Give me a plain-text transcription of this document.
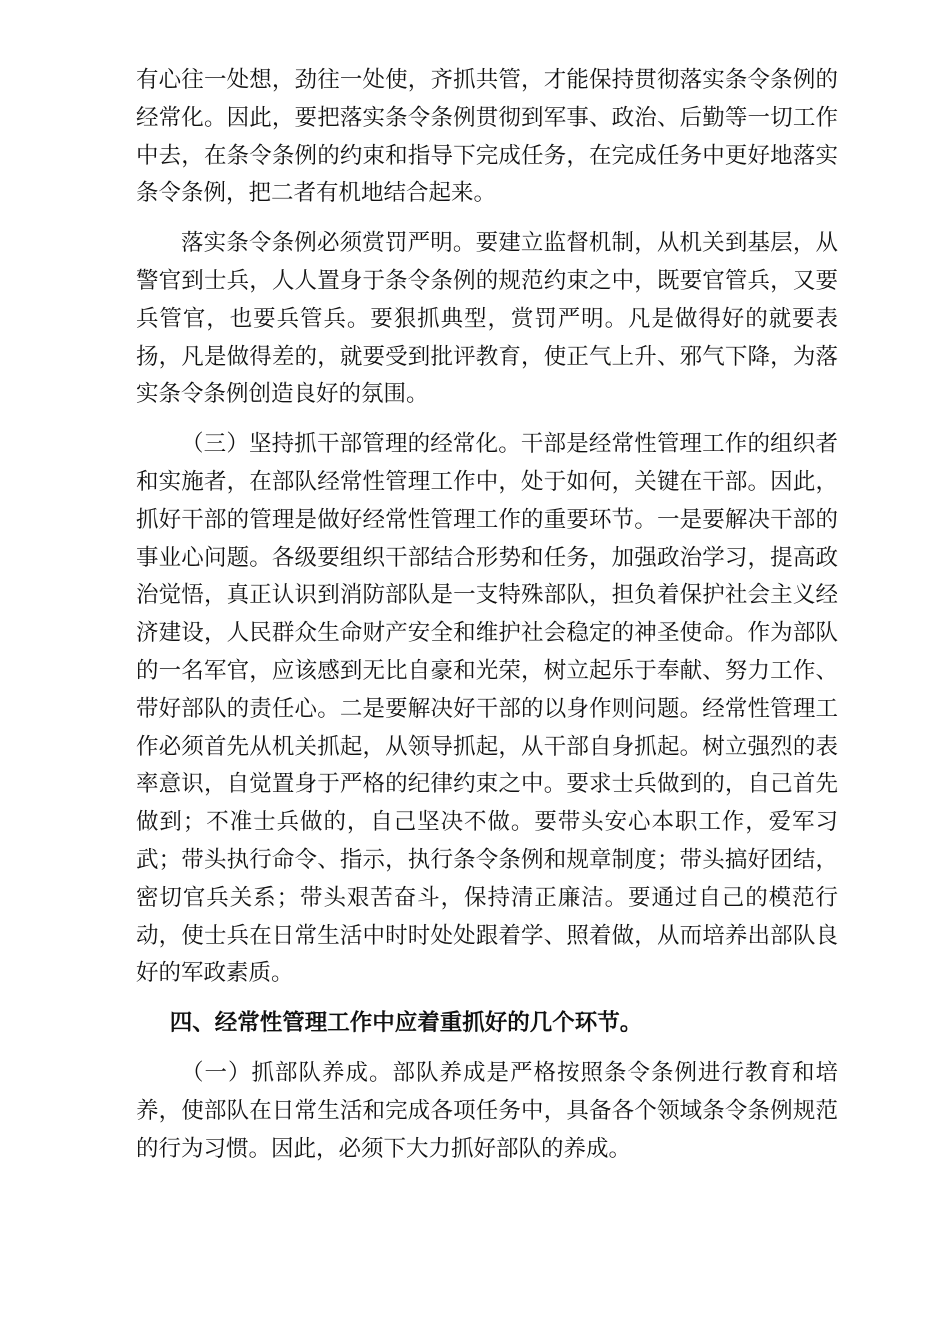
有心往一处想，劲往一处使，齐抓共管，才能保持贯彻落实条令条例的经常化。因此，要把落实条令条例贯彻到军事、政治、后勤等一切工作中去，在条令条例的约束和指导下完成任务，在完成任务中更好地落实条令条例，把二者有机地结合起来。

落实条令条例必须赏罚严明。要建立监督机制，从机关到基层，从警官到士兵，人人置身于条令条例的规范约束之中，既要官管兵，又要兵管官，也要兵管兵。要狠抓典型，赏罚严明。凡是做得好的就要表扬，凡是做得差的，就要受到批评教育，使正气上升、邪气下降，为落实条令条例创造良好的氛围。

（三）坚持抓干部管理的经常化。干部是经常性管理工作的组织者和实施者，在部队经常性管理工作中，处于如何，关键在干部。因此，抓好干部的管理是做好经常性管理工作的重要环节。一是要解决干部的事业心问题。各级要组织干部结合形势和任务，加强政治学习，提高政治觉悟，真正认识到消防部队是一支特殊部队，担负着保护社会主义经济建设，人民群众生命财产安全和维护社会稳定的神圣使命。作为部队的一名军官，应该感到无比自豪和光荣，树立起乐于奉献、努力工作、带好部队的责任心。二是要解决好干部的以身作则问题。经常性管理工作必须首先从机关抓起，从领导抓起，从干部自身抓起。树立强烈的表率意识，自觉置身于严格的纪律约束之中。要求士兵做到的，自己首先做到；不准士兵做的，自己坚决不做。要带头安心本职工作，爱军习武；带头执行命令、指示，执行条令条例和规章制度；带头搞好团结，密切官兵关系；带头艰苦奋斗，保持清正廉洁。要通过自己的模范行动，使士兵在日常生活中时时处处跟着学、照着做，从而培养出部队良好的军政素质。

四、经常性管理工作中应着重抓好的几个环节。

（一）抓部队养成。部队养成是严格按照条令条例进行教育和培养，使部队在日常生活和完成各项任务中，具备各个领域条令条例规范的行为习惯。因此，必须下大力抓好部队的养成。
